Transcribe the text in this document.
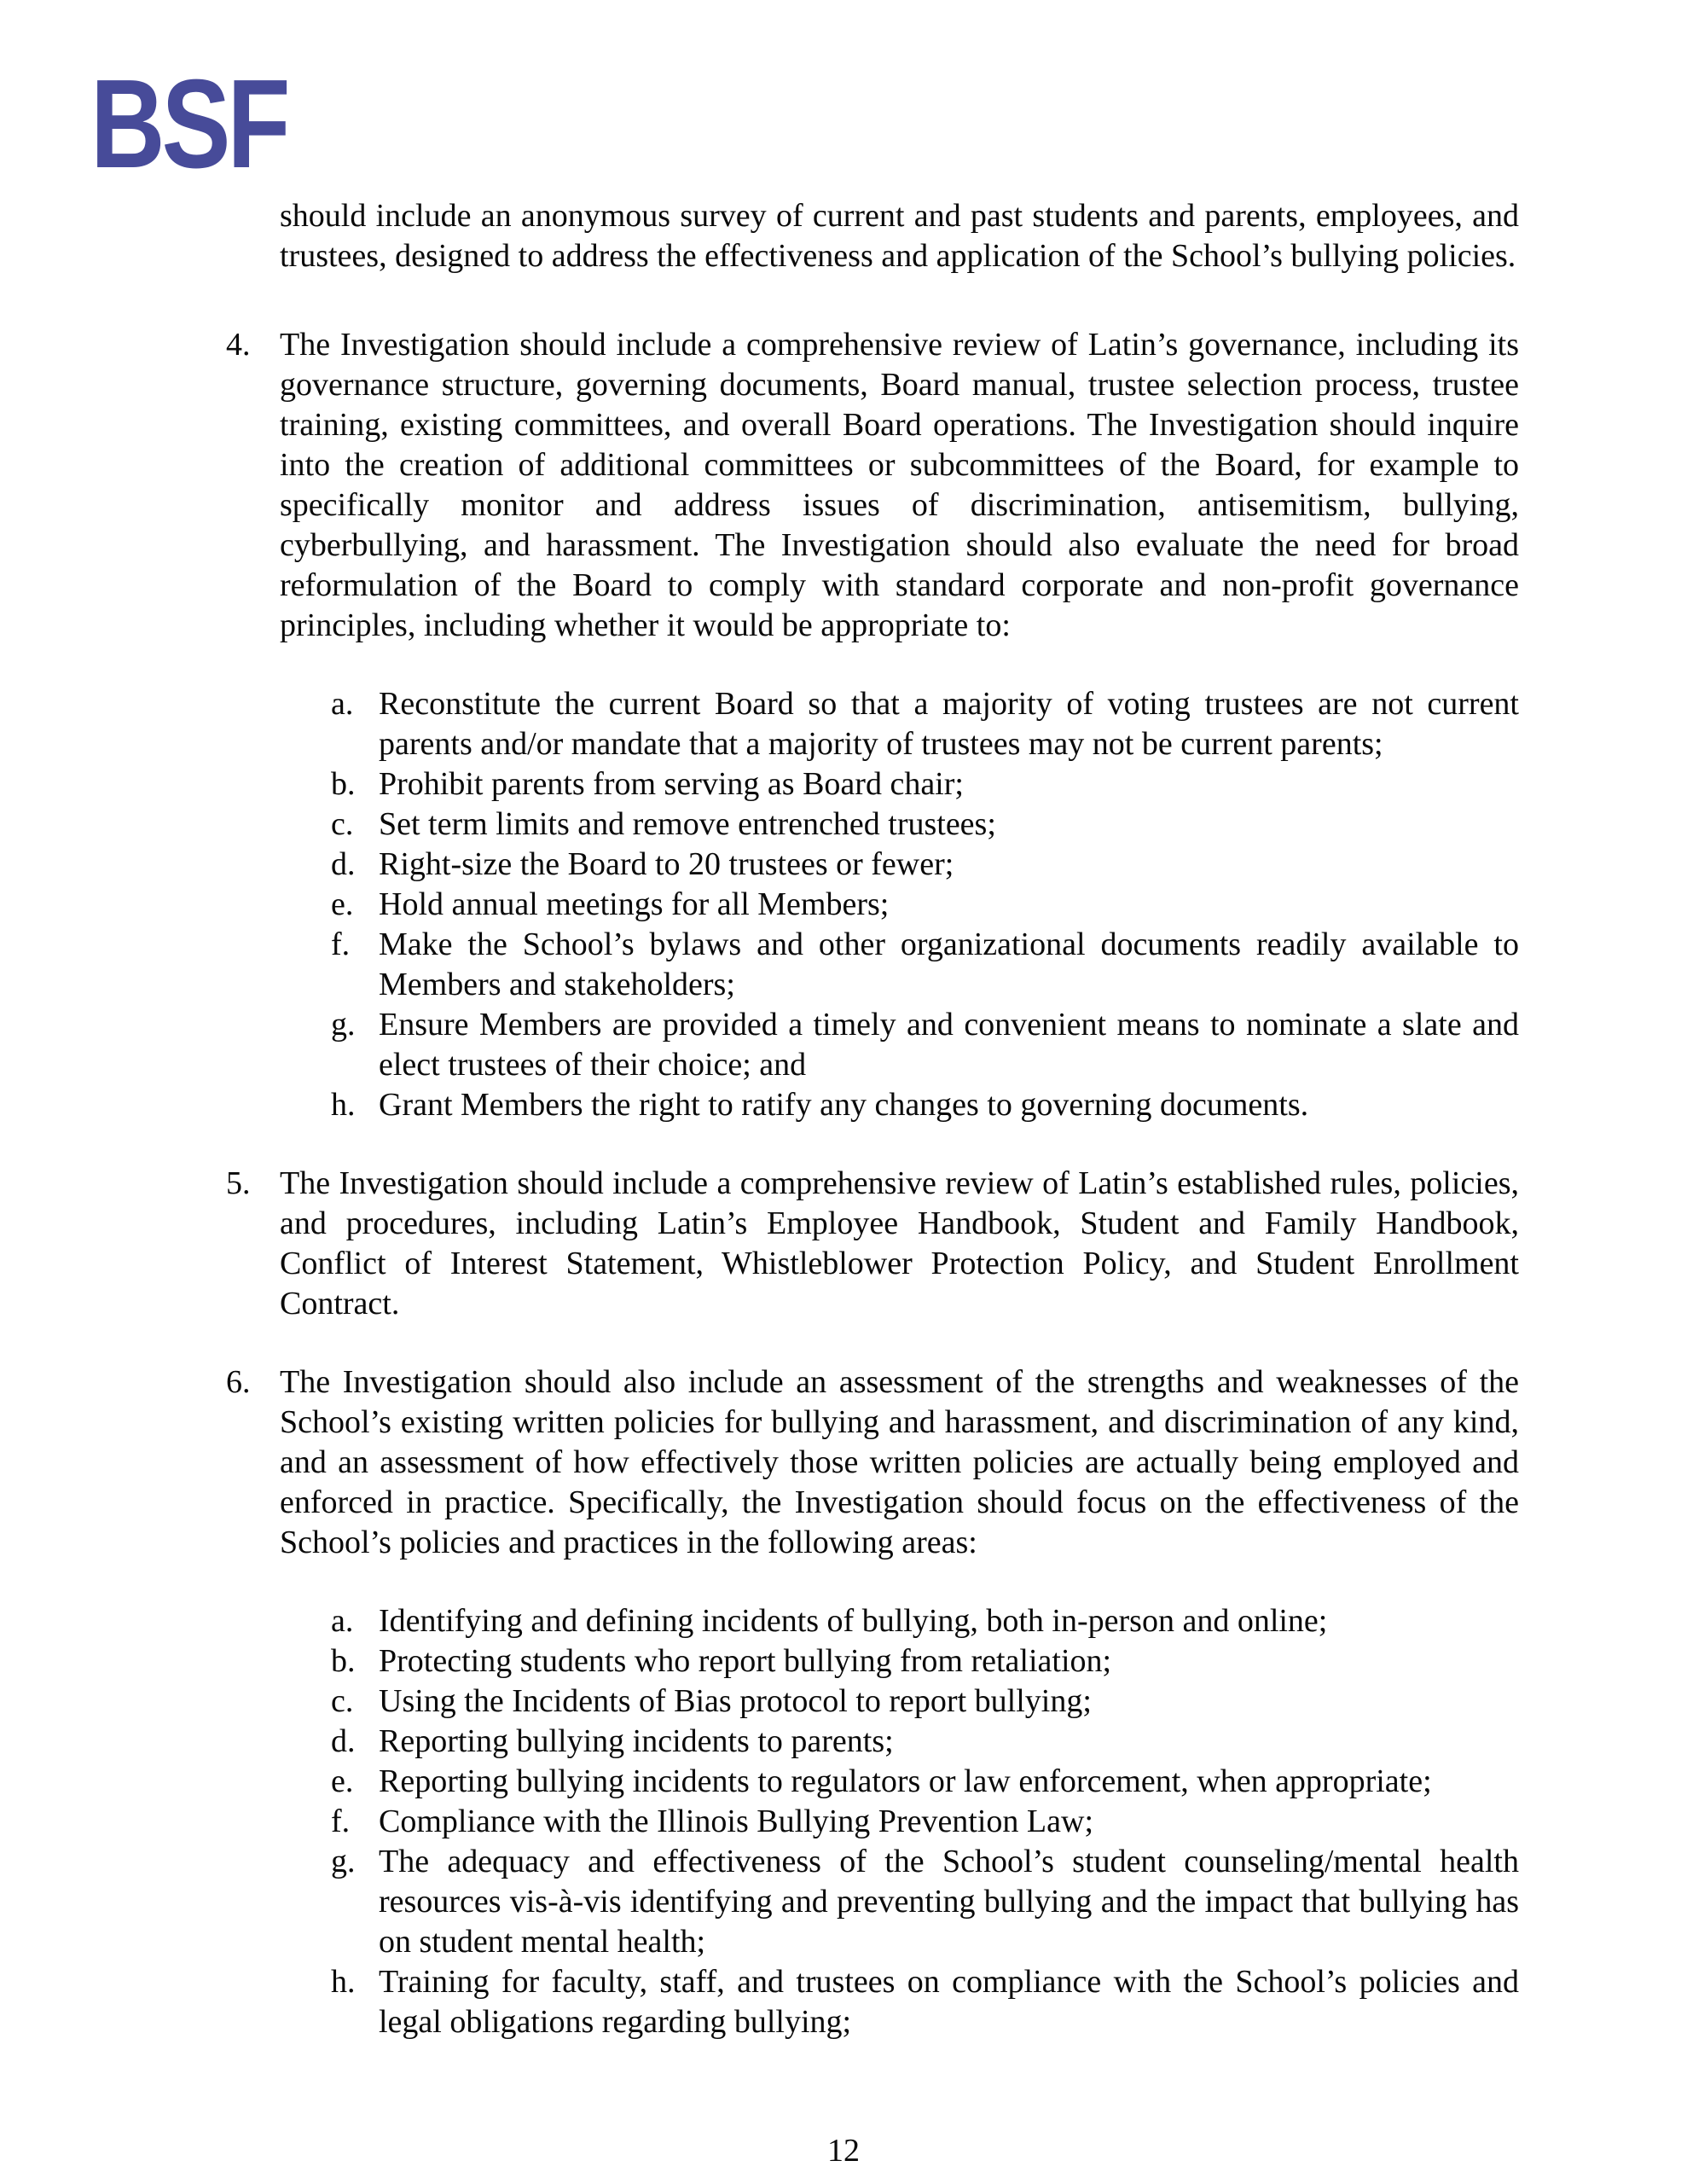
BSF

should include an anonymous survey of current and past students and parents, employees, and trustees, designed to address the effectiveness and application of the School’s bullying policies.

4. The Investigation should include a comprehensive review of Latin’s governance, including its governance structure, governing documents, Board manual, trustee selection process, trustee training, existing committees, and overall Board operations. The Investigation should inquire into the creation of additional committees or subcommittees of the Board, for example to specifically monitor and address issues of discrimination, antisemitism, bullying, cyberbullying, and harassment. The Investigation should also evaluate the need for broad reformulation of the Board to comply with standard corporate and non-profit governance principles, including whether it would be appropriate to:

a. Reconstitute the current Board so that a majority of voting trustees are not current parents and/or mandate that a majority of trustees may not be current parents;

b. Prohibit parents from serving as Board chair;

c. Set term limits and remove entrenched trustees;

d. Right-size the Board to 20 trustees or fewer;

e. Hold annual meetings for all Members;

f. Make the School’s bylaws and other organizational documents readily available to Members and stakeholders;

g. Ensure Members are provided a timely and convenient means to nominate a slate and elect trustees of their choice; and

h. Grant Members the right to ratify any changes to governing documents.

5. The Investigation should include a comprehensive review of Latin’s established rules, policies, and procedures, including Latin’s Employee Handbook, Student and Family Handbook, Conflict of Interest Statement, Whistleblower Protection Policy, and Student Enrollment Contract.

6. The Investigation should also include an assessment of the strengths and weaknesses of the School’s existing written policies for bullying and harassment, and discrimination of any kind, and an assessment of how effectively those written policies are actually being employed and enforced in practice. Specifically, the Investigation should focus on the effectiveness of the School’s policies and practices in the following areas:

a. Identifying and defining incidents of bullying, both in-person and online;

b. Protecting students who report bullying from retaliation;

c. Using the Incidents of Bias protocol to report bullying;

d. Reporting bullying incidents to parents;

e. Reporting bullying incidents to regulators or law enforcement, when appropriate;

f. Compliance with the Illinois Bullying Prevention Law;

g. The adequacy and effectiveness of the School’s student counseling/mental health resources vis-à-vis identifying and preventing bullying and the impact that bullying has on student mental health;

h. Training for faculty, staff, and trustees on compliance with the School’s policies and legal obligations regarding bullying;

12
